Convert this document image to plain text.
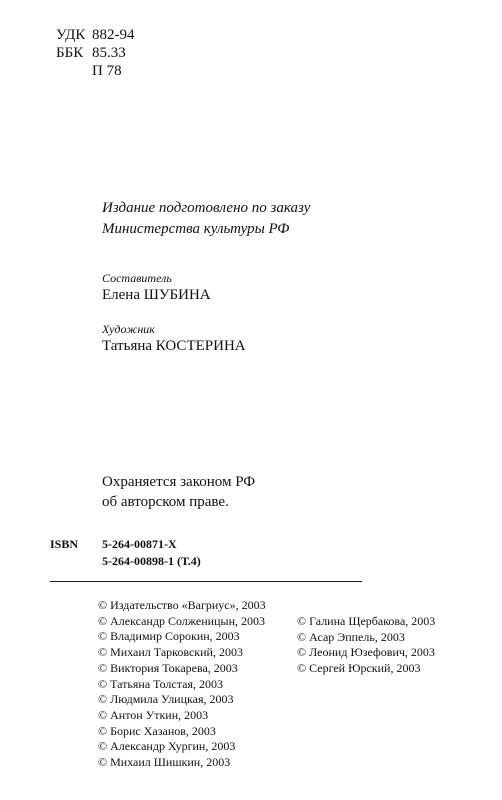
УДК 882-94
ББК 85.33
П 78
Издание подготовлено по заказу
Министерства культуры РФ
Составитель
Елена ШУБИНА
Художник
Татьяна КОСТЕРИНА
Охраняется законом РФ
об авторском праве.
ISBN	5-264-00871-X
5-264-00898-1 (Т.4)
© Издательство «Вагриус», 2003
© Александр Солженицын, 2003
© Владимир Сорокин, 2003
© Михаил Тарковский, 2003
© Виктория Токарева, 2003
© Татьяна Толстая, 2003
© Людмила Улицкая, 2003
© Антон Уткин, 2003
© Борис Хазанов, 2003
© Александр Хургин, 2003
© Михаил Шишкин, 2003
© Галина Щербакова, 2003
© Асар Эппель, 2003
© Леонид Юзефович, 2003
© Сергей Юрский, 2003
